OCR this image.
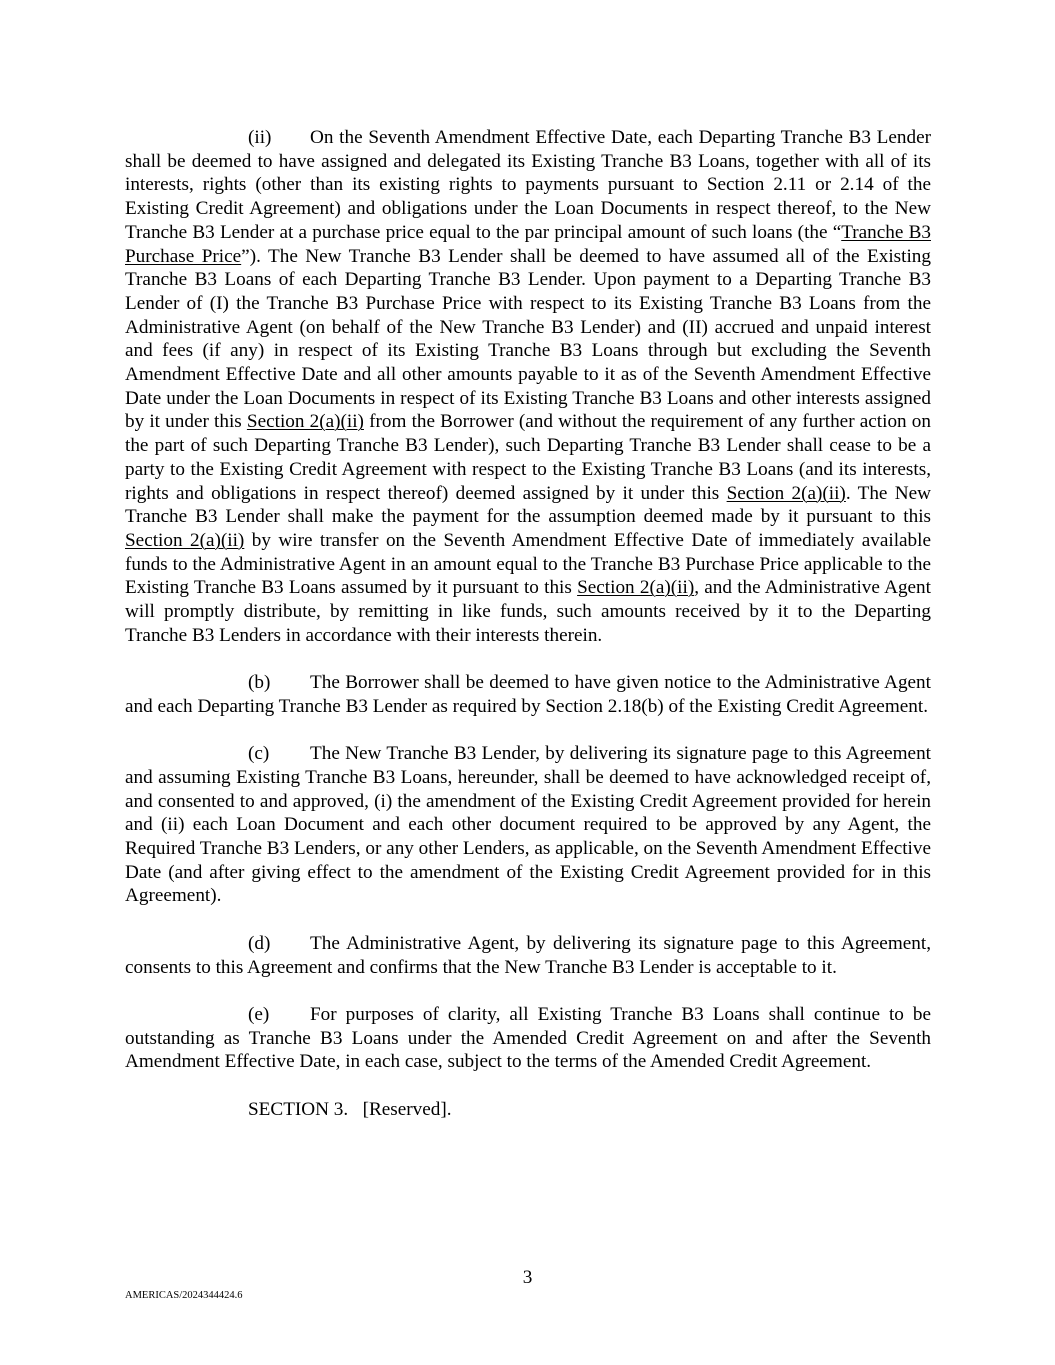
(ii) On the Seventh Amendment Effective Date, each Departing Tranche B3 Lender shall be deemed to have assigned and delegated its Existing Tranche B3 Loans, together with all of its interests, rights (other than its existing rights to payments pursuant to Section 2.11 or 2.14 of the Existing Credit Agreement) and obligations under the Loan Documents in respect thereof, to the New Tranche B3 Lender at a purchase price equal to the par principal amount of such loans (the “Tranche B3 Purchase Price”). The New Tranche B3 Lender shall be deemed to have assumed all of the Existing Tranche B3 Loans of each Departing Tranche B3 Lender. Upon payment to a Departing Tranche B3 Lender of (I) the Tranche B3 Purchase Price with respect to its Existing Tranche B3 Loans from the Administrative Agent (on behalf of the New Tranche B3 Lender) and (II) accrued and unpaid interest and fees (if any) in respect of its Existing Tranche B3 Loans through but excluding the Seventh Amendment Effective Date and all other amounts payable to it as of the Seventh Amendment Effective Date under the Loan Documents in respect of its Existing Tranche B3 Loans and other interests assigned by it under this Section 2(a)(ii) from the Borrower (and without the requirement of any further action on the part of such Departing Tranche B3 Lender), such Departing Tranche B3 Lender shall cease to be a party to the Existing Credit Agreement with respect to the Existing Tranche B3 Loans (and its interests, rights and obligations in respect thereof) deemed assigned by it under this Section 2(a)(ii). The New Tranche B3 Lender shall make the payment for the assumption deemed made by it pursuant to this Section 2(a)(ii) by wire transfer on the Seventh Amendment Effective Date of immediately available funds to the Administrative Agent in an amount equal to the Tranche B3 Purchase Price applicable to the Existing Tranche B3 Loans assumed by it pursuant to this Section 2(a)(ii), and the Administrative Agent will promptly distribute, by remitting in like funds, such amounts received by it to the Departing Tranche B3 Lenders in accordance with their interests therein.

(b) The Borrower shall be deemed to have given notice to the Administrative Agent and each Departing Tranche B3 Lender as required by Section 2.18(b) of the Existing Credit Agreement.

(c) The New Tranche B3 Lender, by delivering its signature page to this Agreement and assuming Existing Tranche B3 Loans, hereunder, shall be deemed to have acknowledged receipt of, and consented to and approved, (i) the amendment of the Existing Credit Agreement provided for herein and (ii) each Loan Document and each other document required to be approved by any Agent, the Required Tranche B3 Lenders, or any other Lenders, as applicable, on the Seventh Amendment Effective Date (and after giving effect to the amendment of the Existing Credit Agreement provided for in this Agreement).

(d) The Administrative Agent, by delivering its signature page to this Agreement, consents to this Agreement and confirms that the New Tranche B3 Lender is acceptable to it.

(e) For purposes of clarity, all Existing Tranche B3 Loans shall continue to be outstanding as Tranche B3 Loans under the Amended Credit Agreement on and after the Seventh Amendment Effective Date, in each case, subject to the terms of the Amended Credit Agreement.

SECTION 3. [Reserved].

3
AMERICAS/2024344424.6
